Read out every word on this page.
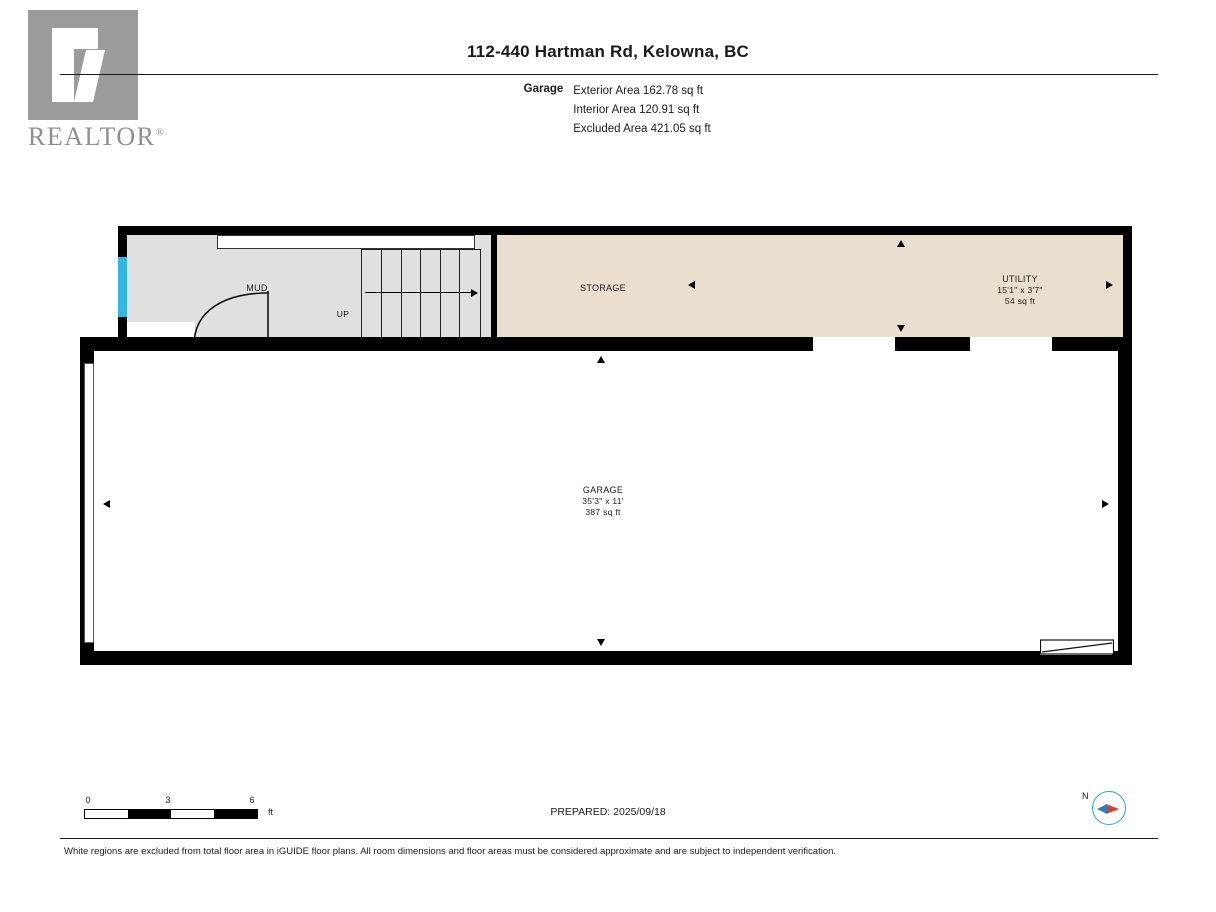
REALTOR®
112-440 Hartman Rd, Kelowna, BC
Garage Exterior Area 162.78 sq ft
Interior Area 120.91 sq ft
Excluded Area 421.05 sq ft
UP
MUD	STORAGE
UTILITY
15'1" x 3'7"
54 sq ft
GARAGE
35'3" x 11'
387 sq ft
0	3	6
ft	PREPARED: 2025/09/18
N
White regions are excluded from total floor area in iGUIDE floor plans. All room dimensions and floor areas must be considered approximate and are subject to independent verification.
